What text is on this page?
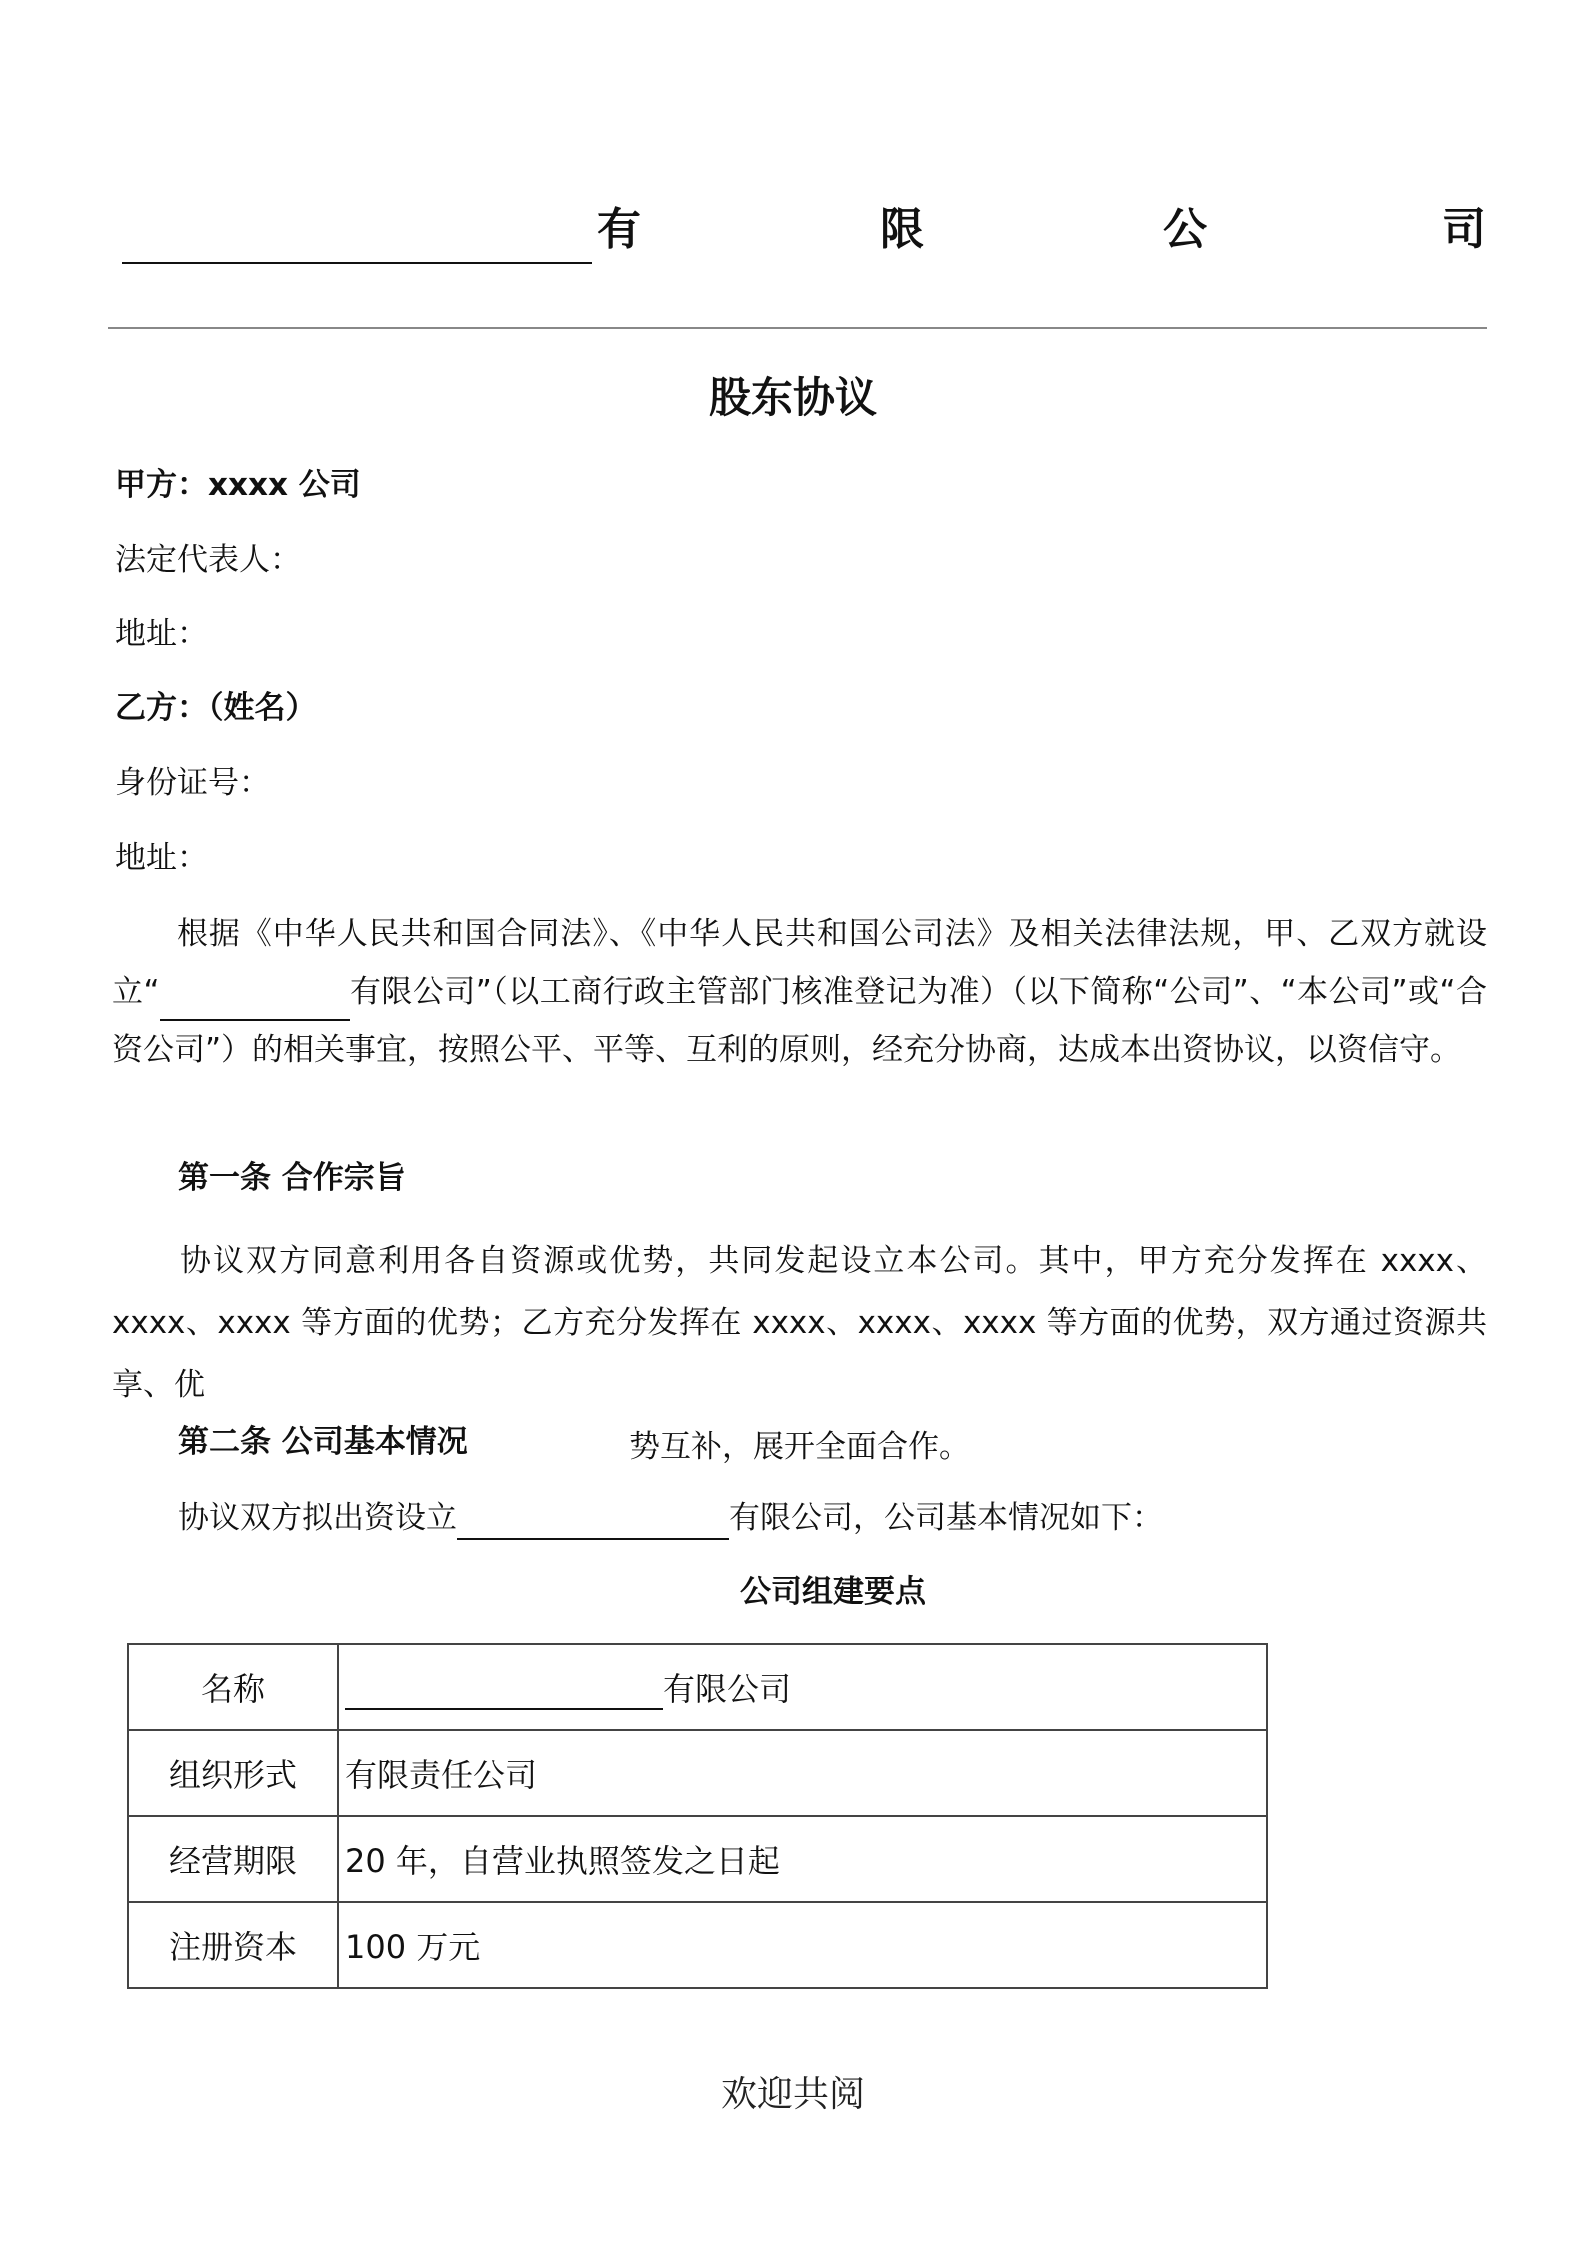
有	限	公	司
股东协议
甲方：xxxx 公司
法定代表人：
地址：
乙方：（姓名）
身份证号：
地址：
根据《中华人民共和国合同法》、《中华人民共和国公司法》及相关法律法规，甲、乙双方就设立“	有限公司”（以工商行政主管部门核准登记为准）（以下简称“公司”、“本公司”或“合资公司”）的相关事宜，按照公平、平等、互利的原则，经充分协商，达成本出资协议，以资信守。
第一条 合作宗旨
协议双方同意利用各自资源或优势，共同发起设立本公司。其中，甲方充分发挥在 xxxx、xxxx、xxxx 等方面的优势；乙方充分发挥在 xxxx、xxxx、xxxx 等方面的优势，双方通过资源共享、优
势互补，展开全面合作。
第二条 公司基本情况
协议双方拟出资设立	有限公司，公司基本情况如下：
公司组建要点
名称	有限公司
组织形式	有限责任公司
经营期限	20 年，自营业执照签发之日起
注册资本	100 万元
欢迎共阅
